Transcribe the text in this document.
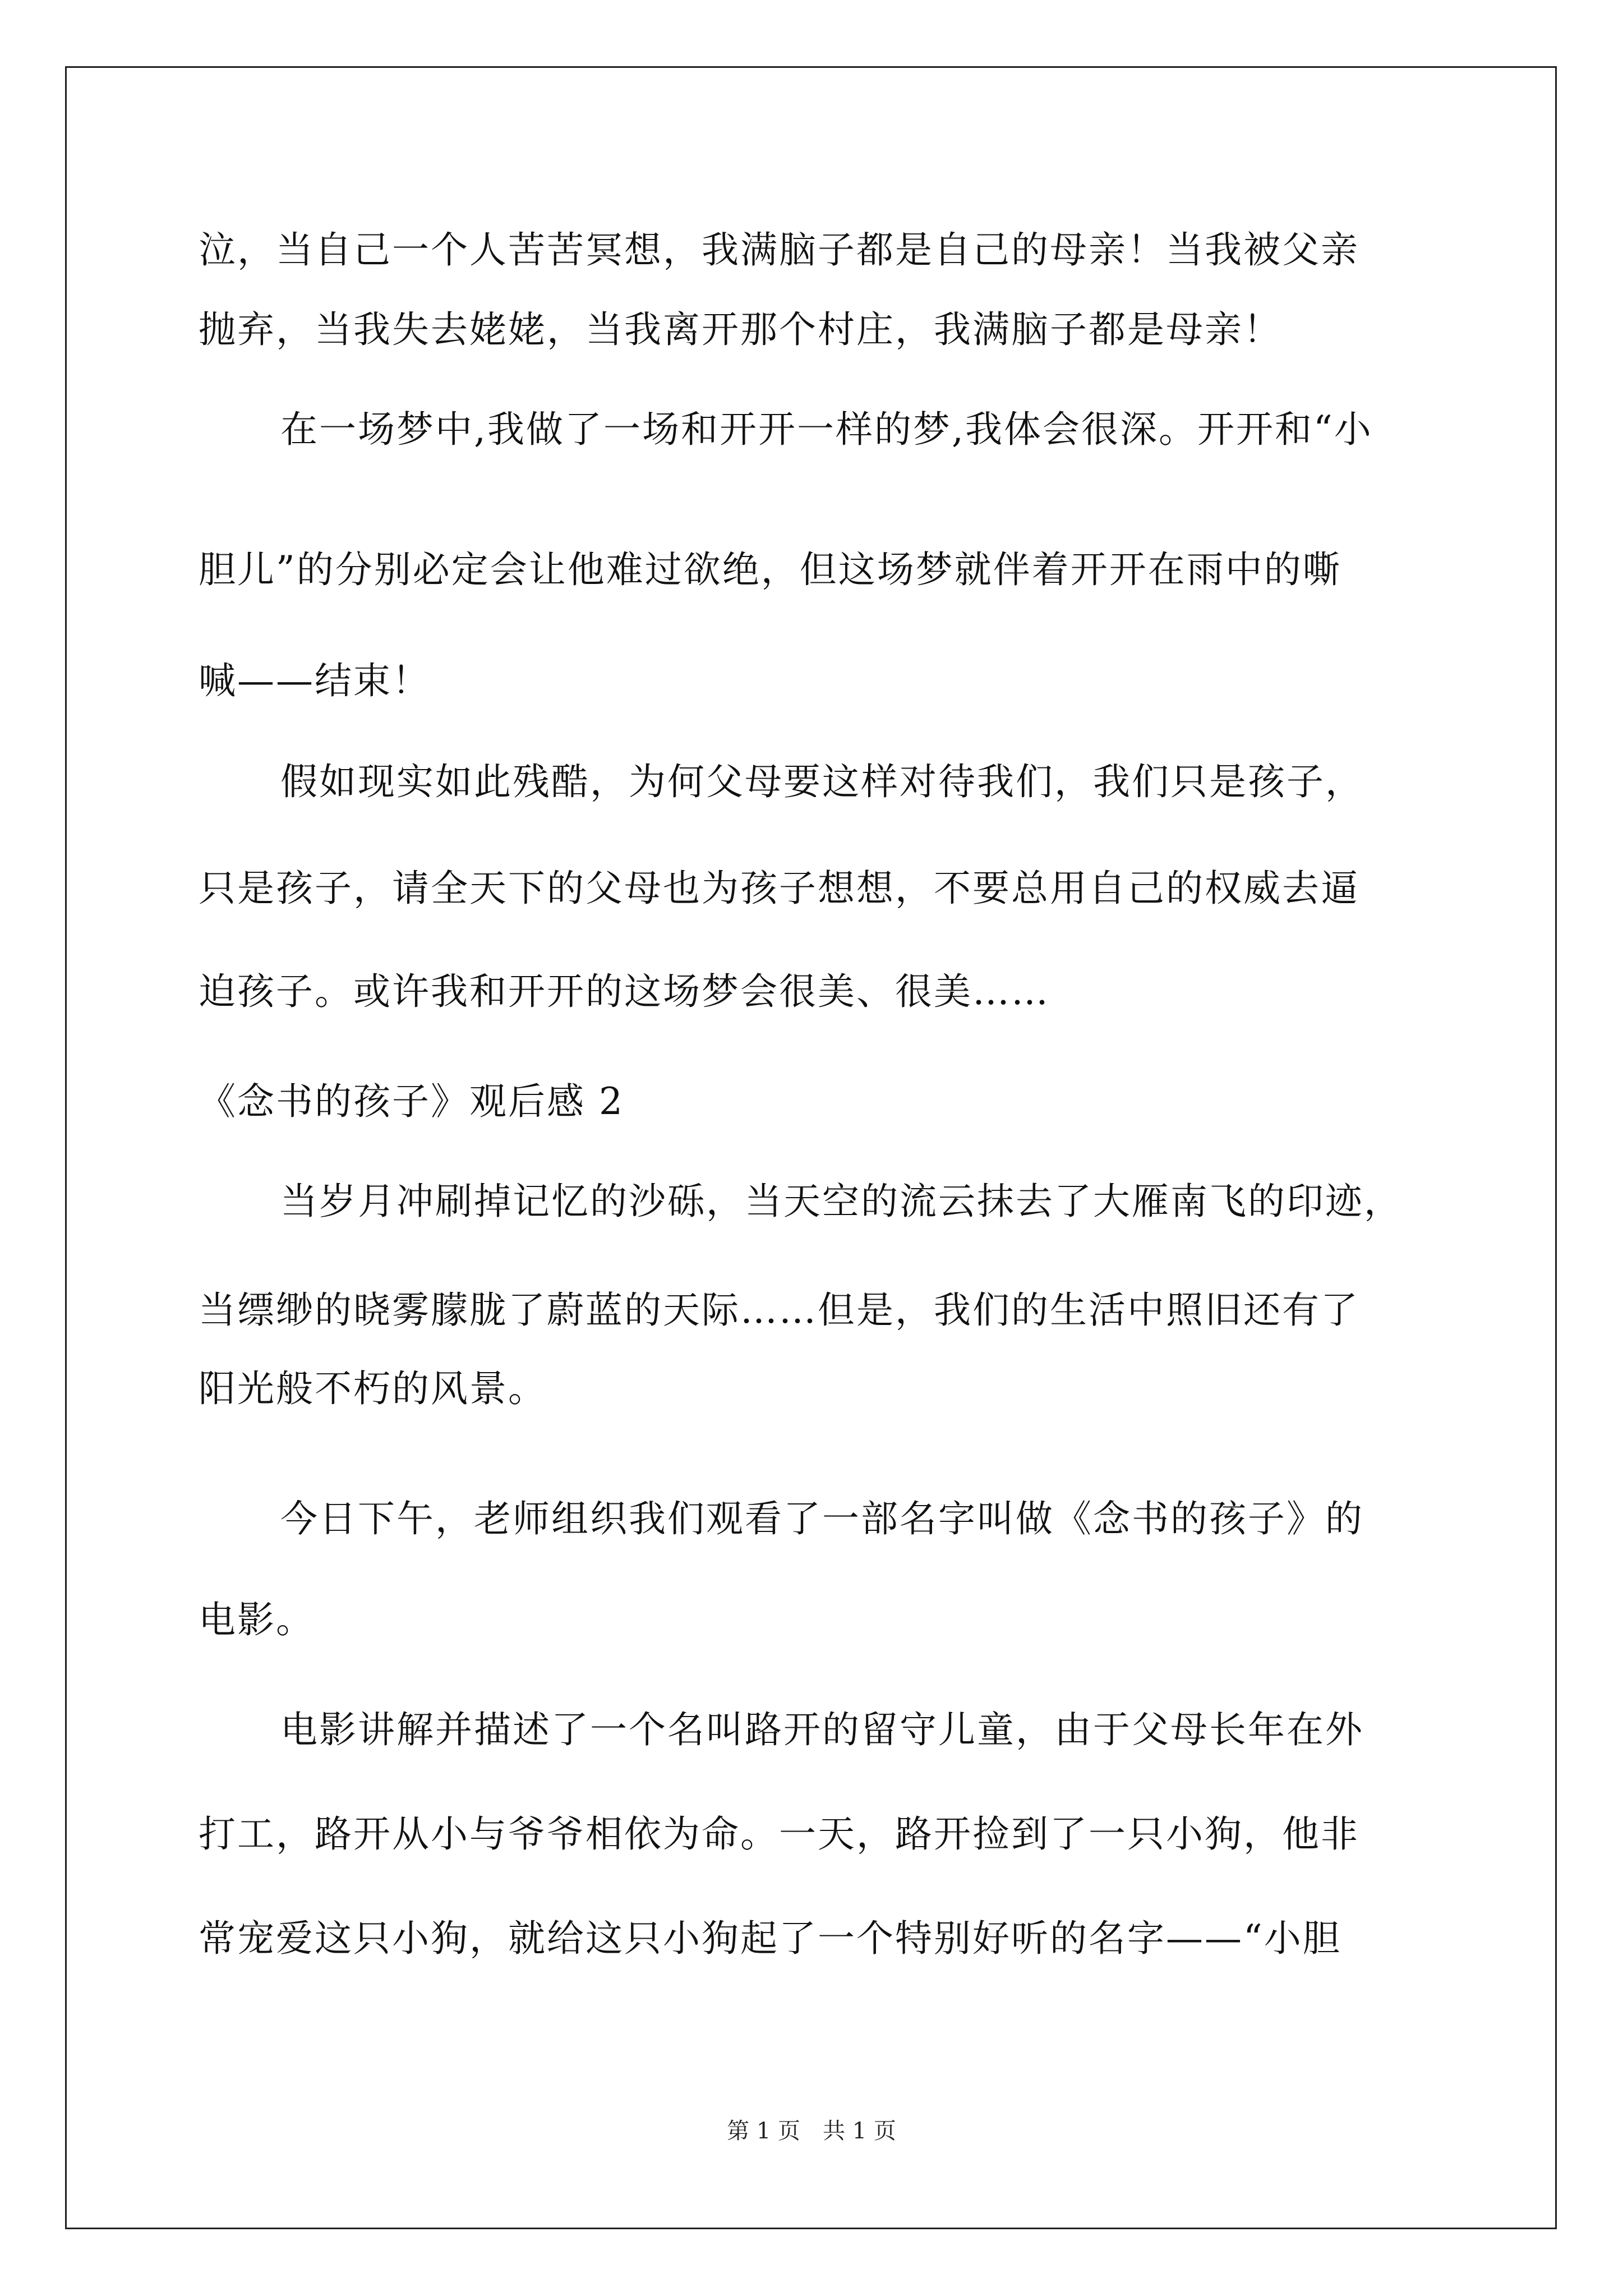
泣，当自己一个人苦苦冥想，我满脑子都是自己的母亲！当我被父亲
抛弃，当我失去姥姥，当我离开那个村庄，我满脑子都是母亲！
在一场梦中,我做了一场和开开一样的梦,我体会很深。开开和“小
胆儿”的分别必定会让他难过欲绝，但这场梦就伴着开开在雨中的嘶
喊——结束！
假如现实如此残酷，为何父母要这样对待我们，我们只是孩子，
只是孩子，请全天下的父母也为孩子想想，不要总用自己的权威去逼
迫孩子。或许我和开开的这场梦会很美、很美……
《念书的孩子》观后感 2
当岁月冲刷掉记忆的沙砾，当天空的流云抹去了大雁南飞的印迹，
当缥缈的晓雾朦胧了蔚蓝的天际……但是，我们的生活中照旧还有了
阳光般不朽的风景。
今日下午，老师组织我们观看了一部名字叫做《念书的孩子》的
电影。
电影讲解并描述了一个名叫路开的留守儿童，由于父母长年在外
打工，路开从小与爷爷相依为命。一天，路开捡到了一只小狗，他非
常宠爱这只小狗，就给这只小狗起了一个特别好听的名字——“小胆
第 1 页　共 1 页
